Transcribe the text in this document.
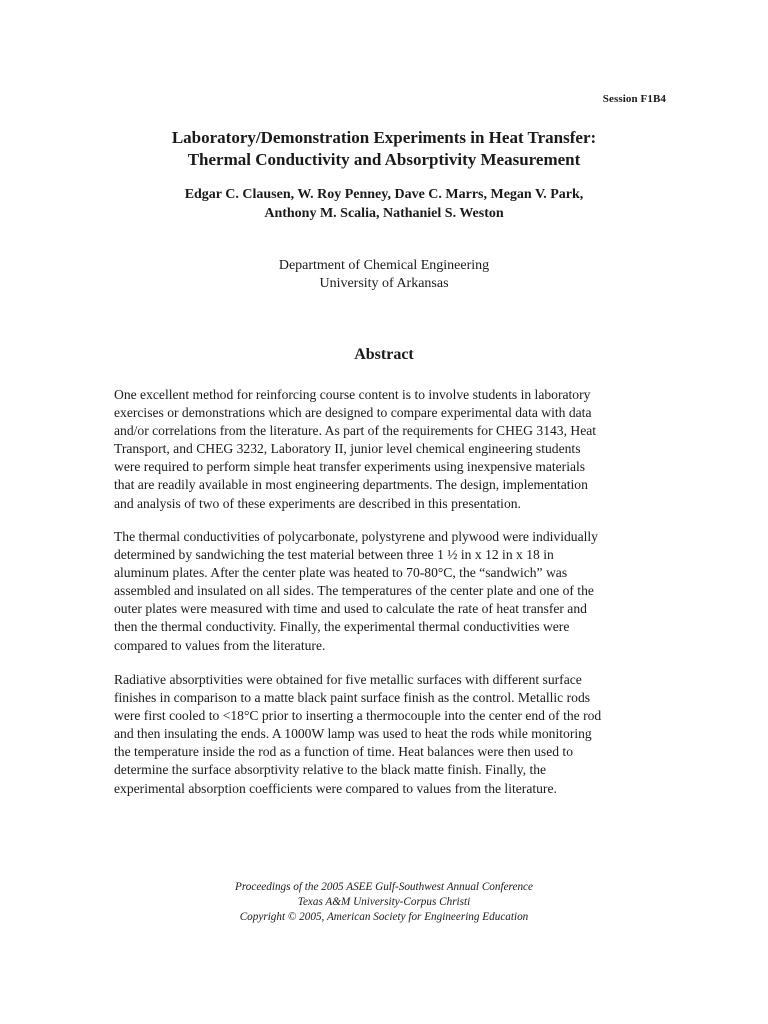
Session F1B4
Laboratory/Demonstration Experiments in Heat Transfer:
Thermal Conductivity and Absorptivity Measurement
Edgar C. Clausen, W. Roy Penney, Dave C. Marrs, Megan V. Park,
Anthony M. Scalia, Nathaniel S. Weston
Department of Chemical Engineering
University of Arkansas
Abstract
One excellent method for reinforcing course content is to involve students in laboratory
exercises or demonstrations which are designed to compare experimental data with data
and/or correlations from the literature. As part of the requirements for CHEG 3143, Heat
Transport, and CHEG 3232, Laboratory II, junior level chemical engineering students
were required to perform simple heat transfer experiments using inexpensive materials
that are readily available in most engineering departments. The design, implementation
and analysis of two of these experiments are described in this presentation.
The thermal conductivities of polycarbonate, polystyrene and plywood were individually
determined by sandwiching the test material between three 1 ½ in x 12 in x 18 in
aluminum plates. After the center plate was heated to 70-80°C, the “sandwich” was
assembled and insulated on all sides. The temperatures of the center plate and one of the
outer plates were measured with time and used to calculate the rate of heat transfer and
then the thermal conductivity. Finally, the experimental thermal conductivities were
compared to values from the literature.
Radiative absorptivities were obtained for five metallic surfaces with different surface
finishes in comparison to a matte black paint surface finish as the control. Metallic rods
were first cooled to <18°C prior to inserting a thermocouple into the center end of the rod
and then insulating the ends. A 1000W lamp was used to heat the rods while monitoring
the temperature inside the rod as a function of time. Heat balances were then used to
determine the surface absorptivity relative to the black matte finish. Finally, the
experimental absorption coefficients were compared to values from the literature.
Proceedings of the 2005 ASEE Gulf-Southwest Annual Conference
Texas A&M University-Corpus Christi
Copyright © 2005, American Society for Engineering Education
